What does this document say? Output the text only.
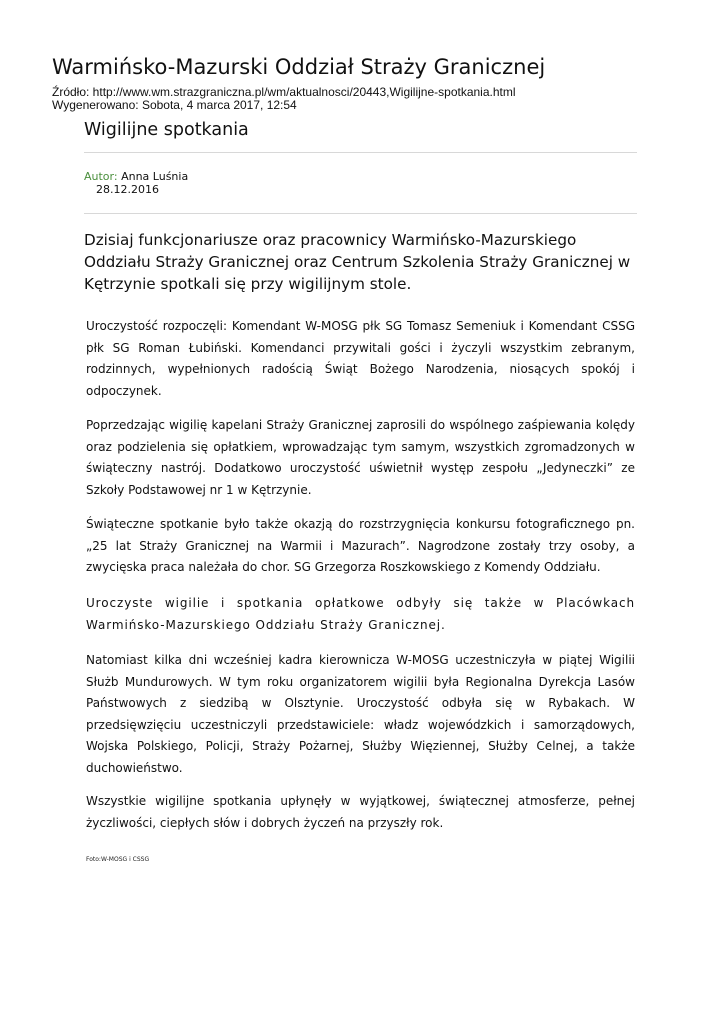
Warmińsko-Mazurski Oddział Straży Granicznej
Źródło: http://www.wm.strazgraniczna.pl/wm/aktualnosci/20443,Wigilijne-spotkania.html
Wygenerowano: Sobota, 4 marca 2017, 12:54
Wigilijne spotkania
Autor: Anna Luśnia
28.12.2016

Dzisiaj funkcjonariusze oraz pracownicy Warmińsko-Mazurskiego Oddziału Straży Granicznej oraz Centrum Szkolenia Straży Granicznej w Kętrzynie spotkali się przy wigilijnym stole.

Uroczystość rozpoczęli: Komendant W-MOSG płk SG Tomasz Semeniuk i Komendant CSSG płk SG Roman Łubiński. Komendanci przywitali gości i życzyli wszystkim zebranym, rodzinnych, wypełnionych radością Świąt Bożego Narodzenia, niosących spokój i odpoczynek.

Poprzedzając wigilię kapelani Straży Granicznej zaprosili do wspólnego zaśpiewania kolędy oraz podzielenia się opłatkiem, wprowadzając tym samym, wszystkich zgromadzonych w świąteczny nastrój. Dodatkowo uroczystość uświetnił występ zespołu „Jedyneczki” ze Szkoły Podstawowej nr 1 w Kętrzynie.

Świąteczne spotkanie było także okazją do rozstrzygnięcia konkursu fotograficznego pn. „25 lat Straży Granicznej na Warmii i Mazurach”. Nagrodzone zostały trzy osoby, a zwycięska praca należała do chor. SG Grzegorza Roszkowskiego z Komendy Oddziału.

Uroczyste wigilie i spotkania opłatkowe odbyły się także w Placówkach Warmińsko-Mazurskiego Oddziału Straży Granicznej.

Natomiast kilka dni wcześniej kadra kierownicza W-MOSG uczestniczyła w piątej Wigilii Służb Mundurowych. W tym roku organizatorem wigilii była Regionalna Dyrekcja Lasów Państwowych z siedzibą w Olsztynie. Uroczystość odbyła się w Rybakach. W przedsięwzięciu uczestniczyli przedstawiciele: władz wojewódzkich i samorządowych, Wojska Polskiego, Policji, Straży Pożarnej, Służby Więziennej, Służby Celnej, a także duchowieństwo.

Wszystkie wigilijne spotkania upłynęły w wyjątkowej, świątecznej atmosferze, pełnej życzliwości, ciepłych słów i dobrych życzeń na przyszły rok.

Foto:W-MOSG i CSSG
